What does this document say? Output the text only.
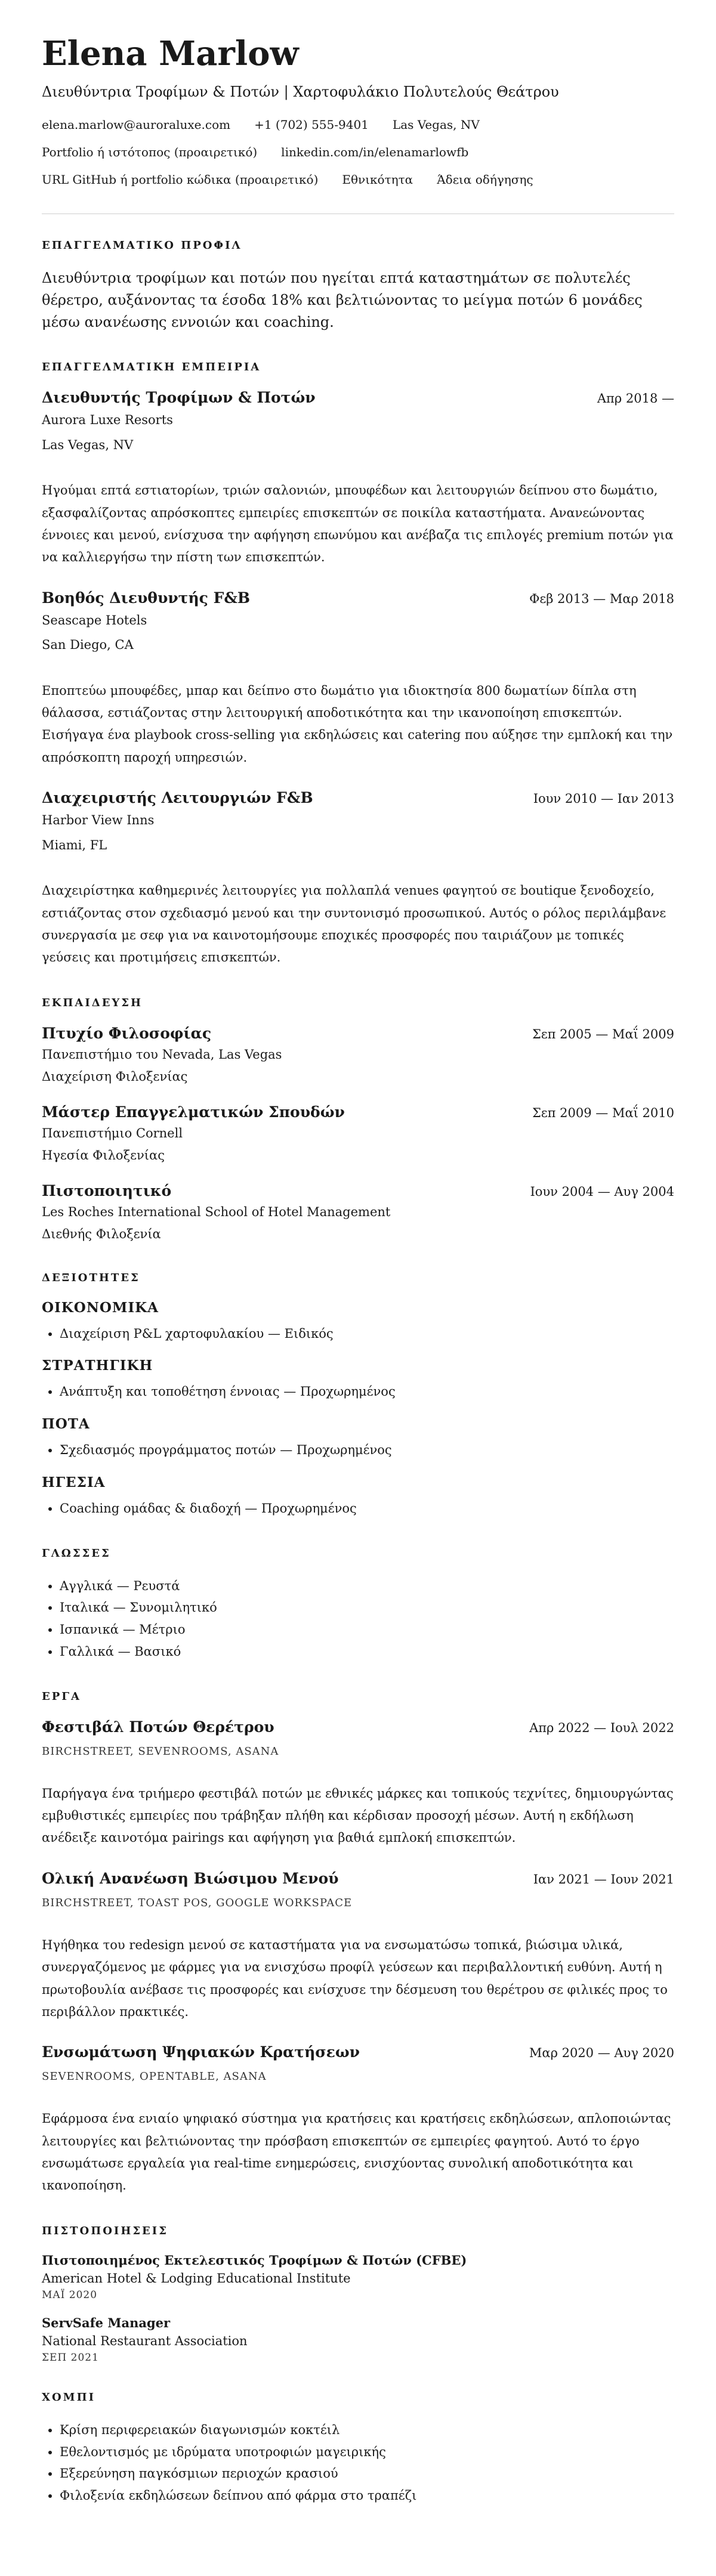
Elena Marlow
Διευθύντρια Τροφίμων & Ποτών | Χαρτοφυλάκιο Πολυτελούς Θεάτρου
elena.marlow@auroraluxe.com +1 (702) 555-9401 Las Vegas, NV
Portfolio ή ιστότοπος (προαιρετικό) linkedin.com/in/elenamarlowfb
URL GitHub ή portfolio κώδικα (προαιρετικό) Εθνικότητα Άδεια οδήγησης
ΕΠΑΓΓΕΛΜΑΤΙΚΟ ΠΡΟΦΙΛ

Διευθύντρια τροφίμων και ποτών που ηγείται επτά καταστημάτων σε πολυτελές θέρετρο, αυξάνοντας τα έσοδα 18% και βελτιώνοντας το μείγμα ποτών 6 μονάδες μέσω ανανέωσης εννοιών και coaching.

ΕΠΑΓΓΕΛΜΑΤΙΚΗ ΕΜΠΕΙΡΙΑ
Διευθυντής Τροφίμων & Ποτών	Απρ 2018 —
Aurora Luxe Resorts
Las Vegas, NV
Ηγούμαι επτά εστιατορίων, τριών σαλονιών, μπουφέδων και λειτουργιών δείπνου στο δωμάτιο, εξασφαλίζοντας απρόσκοπτες εμπειρίες επισκεπτών σε ποικίλα καταστήματα. Ανανεώνοντας έννοιες και μενού, ενίσχυσα την αφήγηση επωνύμου και ανέβαζα τις επιλογές premium ποτών για να καλλιεργήσω την πίστη των επισκεπτών.
Βοηθός Διευθυντής F&B	Φεβ 2013 — Μαρ 2018
Seascape Hotels
San Diego, CA
Εποπτεύω μπουφέδες, μπαρ και δείπνο στο δωμάτιο για ιδιοκτησία 800 δωματίων δίπλα στη θάλασσα, εστιάζοντας στην λειτουργική αποδοτικότητα και την ικανοποίηση επισκεπτών. Εισήγαγα ένα playbook cross-selling για εκδηλώσεις και catering που αύξησε την εμπλοκή και την απρόσκοπτη παροχή υπηρεσιών.
Διαχειριστής Λειτουργιών F&B	Ιουν 2010 — Ιαν 2013
Harbor View Inns
Miami, FL
Διαχειρίστηκα καθημερινές λειτουργίες για πολλαπλά venues φαγητού σε boutique ξενοδοχείο, εστιάζοντας στον σχεδιασμό μενού και την συντονισμό προσωπικού. Αυτός ο ρόλος περιλάμβανε συνεργασία με σεφ για να καινοτομήσουμε εποχικές προσφορές που ταιριάζουν με τοπικές γεύσεις και προτιμήσεις επισκεπτών.
ΕΚΠΑΙΔΕΥΣΗ
Πτυχίο Φιλοσοφίας	Σεπ 2005 — Μαΐ 2009
Πανεπιστήμιο του Nevada, Las Vegas
Διαχείριση Φιλοξενίας
Μάστερ Επαγγελματικών Σπουδών	Σεπ 2009 — Μαΐ 2010
Πανεπιστήμιο Cornell
Ηγεσία Φιλοξενίας
Πιστοποιητικό	Ιουν 2004 — Αυγ 2004
Les Roches International School of Hotel Management
Διεθνής Φιλοξενία
ΔΕΞΙΟΤΗΤΕΣ
ΟΙΚΟΝΟΜΙΚΑ
• Διαχείριση P&L χαρτοφυλακίου — Ειδικός
ΣΤΡΑΤΗΓΙΚΗ
• Ανάπτυξη και τοποθέτηση έννοιας — Προχωρημένος
ΠΟΤΑ
• Σχεδιασμός προγράμματος ποτών — Προχωρημένος
ΗΓΕΣΙΑ
• Coaching ομάδας & διαδοχή — Προχωρημένος
ΓΛΩΣΣΕΣ
• Αγγλικά — Ρευστά
• Ιταλικά — Συνομιλητικό
• Ισπανικά — Μέτριο
• Γαλλικά — Βασικό
ΕΡΓΑ
Φεστιβάλ Ποτών Θερέτρου	Απρ 2022 — Ιουλ 2022
BIRCHSTREET, SEVENROOMS, ASANA
Παρήγαγα ένα τριήμερο φεστιβάλ ποτών με εθνικές μάρκες και τοπικούς τεχνίτες, δημιουργώντας εμβυθιστικές εμπειρίες που τράβηξαν πλήθη και κέρδισαν προσοχή μέσων. Αυτή η εκδήλωση ανέδειξε καινοτόμα pairings και αφήγηση για βαθιά εμπλοκή επισκεπτών.
Ολική Ανανέωση Βιώσιμου Μενού	Ιαν 2021 — Ιουν 2021
BIRCHSTREET, TOAST POS, GOOGLE WORKSPACE
Ηγήθηκα του redesign μενού σε καταστήματα για να ενσωματώσω τοπικά, βιώσιμα υλικά, συνεργαζόμενος με φάρμες για να ενισχύσω προφίλ γεύσεων και περιβαλλοντική ευθύνη. Αυτή η πρωτοβουλία ανέβασε τις προσφορές και ενίσχυσε την δέσμευση του θερέτρου σε φιλικές προς το περιβάλλον πρακτικές.
Ενσωμάτωση Ψηφιακών Κρατήσεων	Μαρ 2020 — Αυγ 2020
SEVENROOMS, OPENTABLE, ASANA
Εφάρμοσα ένα ενιαίο ψηφιακό σύστημα για κρατήσεις και κρατήσεις εκδηλώσεων, απλοποιώντας λειτουργίες και βελτιώνοντας την πρόσβαση επισκεπτών σε εμπειρίες φαγητού. Αυτό το έργο ενσωμάτωσε εργαλεία για real-time ενημερώσεις, ενισχύοντας συνολική αποδοτικότητα και ικανοποίηση.
ΠΙΣΤΟΠΟΙΗΣΕΙΣ
Πιστοποιημένος Εκτελεστικός Τροφίμων & Ποτών (CFBE)
American Hotel & Lodging Educational Institute
ΜΑΪ 2020
ServSafe Manager
National Restaurant Association
ΣΕΠ 2021
ΧΟΜΠΙ
• Κρίση περιφερειακών διαγωνισμών κοκτέιλ
• Εθελοντισμός με ιδρύματα υποτροφιών μαγειρικής
• Εξερεύνηση παγκόσμιων περιοχών κρασιού
• Φιλοξενία εκδηλώσεων δείπνου από φάρμα στο τραπέζι
